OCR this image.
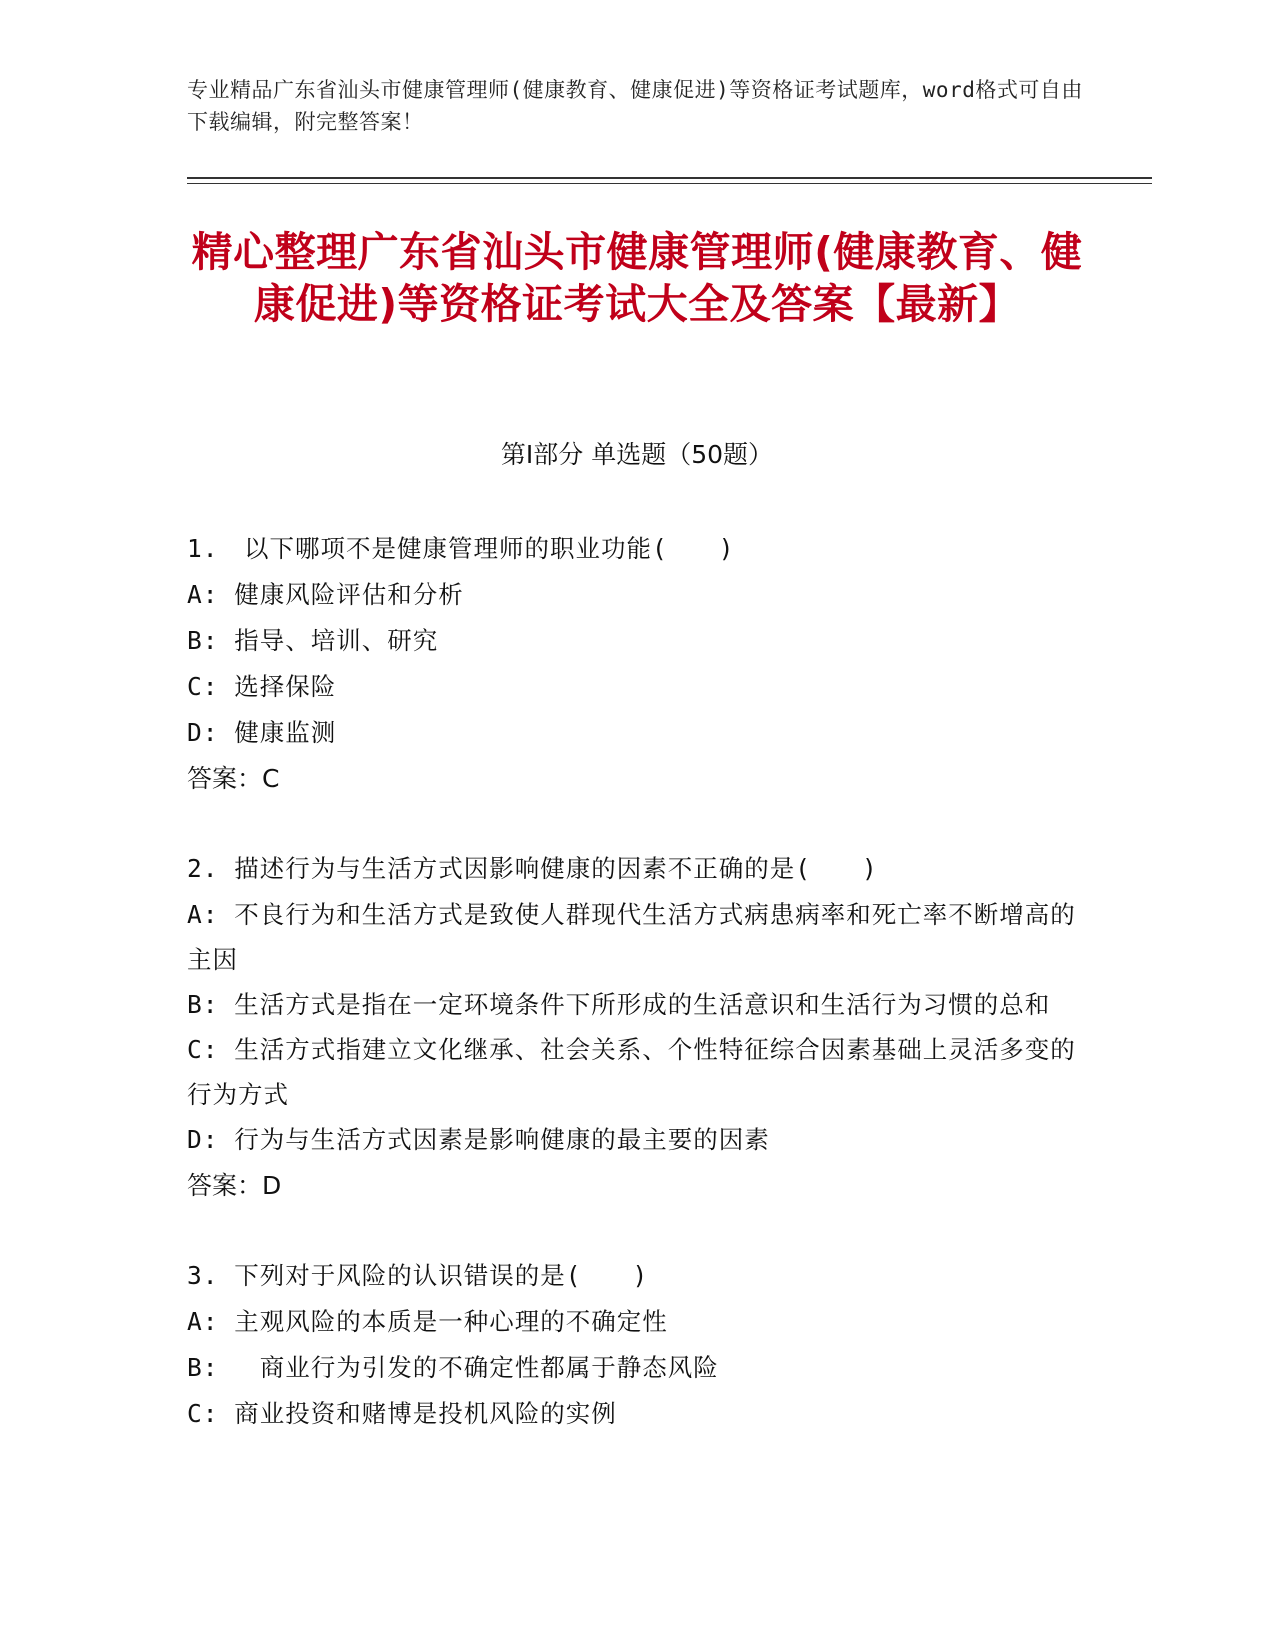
专业精品广东省汕头市健康管理师(健康教育、健康促进)等资格证考试题库，word格式可自由下载编辑，附完整答案！
精心整理广东省汕头市健康管理师(健康教育、健康促进)等资格证考试大全及答案【最新】
第Ⅰ部分 单选题（50题）
1.　以下哪项不是健康管理师的职业功能(　　)
A: 健康风险评估和分析
B: 指导、培训、研究
C: 选择保险
D: 健康监测
答案：C
2. 描述行为与生活方式因影响健康的因素不正确的是(　　)
A: 不良行为和生活方式是致使人群现代生活方式病患病率和死亡率不断增高的主因
B: 生活方式是指在一定环境条件下所形成的生活意识和生活行为习惯的总和
C: 生活方式指建立文化继承、社会关系、个性特征综合因素基础上灵活多变的行为方式
D: 行为与生活方式因素是影响健康的最主要的因素
答案：D
3. 下列对于风险的认识错误的是(　　)
A: 主观风险的本质是一种心理的不确定性
B: 　商业行为引发的不确定性都属于静态风险
C: 商业投资和赌博是投机风险的实例
